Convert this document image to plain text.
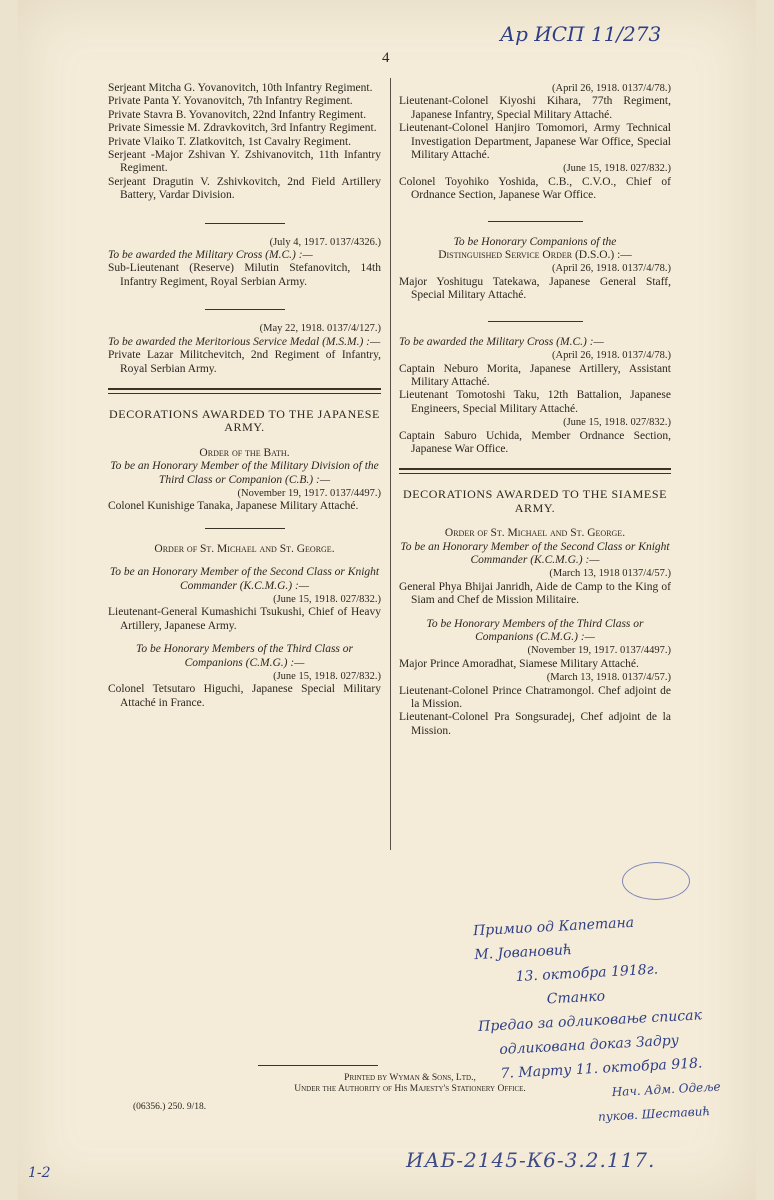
4
Ар ИСП 11/273

Serjeant Mitcha G. Yovanovitch, 10th Infantry Regiment.

Private Panta Y. Yovanovitch, 7th Infantry Regiment.

Private Stavra B. Yovanovitch, 22nd Infantry Regiment.

Private Simessie M. Zdravkovitch, 3rd Infantry Regiment.

Private Vlaiko T. Zlatkovitch, 1st Cavalry Regiment.

Serjeant -Major Zshivan Y. Zshivanovitch, 11th Infantry Regiment.

Serjeant Dragutin V. Zshivkovitch, 2nd Field Artillery Battery, Vardar Division.

(July 4, 1917. 0137/4326.)

To be awarded the Military Cross (M.C.) :—

Sub-Lieutenant (Reserve) Milutin Stefanovitch, 14th Infantry Regiment, Royal Serbian Army.

(May 22, 1918. 0137/4/127.)

To be awarded the Meritorious Service Medal (M.S.M.) :—

Private Lazar Militchevitch, 2nd Regiment of Infantry, Royal Serbian Army.

DECORATIONS AWARDED TO THE JAPANESE ARMY.

Order of the Bath.

To be an Honorary Member of the Military Division of the Third Class or Companion (C.B.) :—

(November 19, 1917. 0137/4497.)

Colonel Kunishige Tanaka, Japanese Military Attaché.

Order of St. Michael and St. George.

To be an Honorary Member of the Second Class or Knight Commander (K.C.M.G.) :—

(June 15, 1918. 027/832.)

Lieutenant-General Kumashichi Tsukushi, Chief of Heavy Artillery, Japanese Army.

To be Honorary Members of the Third Class or Companions (C.M.G.) :—

(June 15, 1918. 027/832.)

Colonel Tetsutaro Higuchi, Japanese Special Military Attaché in France.

(April 26, 1918. 0137/4/78.)

Lieutenant-Colonel Kiyoshi Kihara, 77th Regiment, Japanese Infantry, Special Military Attaché.

Lieutenant-Colonel Hanjiro Tomomori, Army Technical Investigation Department, Japanese War Office, Special Military Attaché.

(June 15, 1918. 027/832.)

Colonel Toyohiko Yoshida, C.B., C.V.O., Chief of Ordnance Section, Japanese War Office.

To be Honorary Companions of the

Distinguished Service Order (D.S.O.) :—

(April 26, 1918. 0137/4/78.)

Major Yoshitugu Tatekawa, Japanese General Staff, Special Military Attaché.

To be awarded the Military Cross (M.C.) :—

(April 26, 1918. 0137/4/78.)

Captain Neburo Morita, Japanese Artillery, Assistant Military Attaché.

Lieutenant Tomotoshi Taku, 12th Battalion, Japanese Engineers, Special Military Attaché.

(June 15, 1918. 027/832.)

Captain Saburo Uchida, Member Ordnance Section, Japanese War Office.

DECORATIONS AWARDED TO THE SIAMESE ARMY.

Order of St. Michael and St. George.

To be an Honorary Member of the Second Class or Knight Commander (K.C.M.G.) :—

(March 13, 1918 0137/4/57.)

General Phya Bhijai Janridh, Aide de Camp to the King of Siam and Chef de Mission Militaire.

To be Honorary Members of the Third Class or Companions (C.M.G.) :—

(November 19, 1917. 0137/4497.)

Major Prince Amoradhat, Siamese Military Attaché.

(March 13, 1918. 0137/4/57.)

Lieutenant-Colonel Prince Chatramongol. Chef adjoint de la Mission.

Lieutenant-Colonel Pra Songsuradej, Chef adjoint de la Mission.

Примио од Капетана
М. Јовановић
13. октобра 1918г.
Станко
Предао за одликовање списак
одликована доказ Задру
7. Марту 11. октобра 918.
Нач. Адм. Одеље
пуков. Шеставић
Printed by Wyman & Sons, Ltd.,
Under the Authority of His Majesty's Stationery Office.
(06356.) 250. 9/18.
ИАБ-2145-К6-3.2.117.
1-2
